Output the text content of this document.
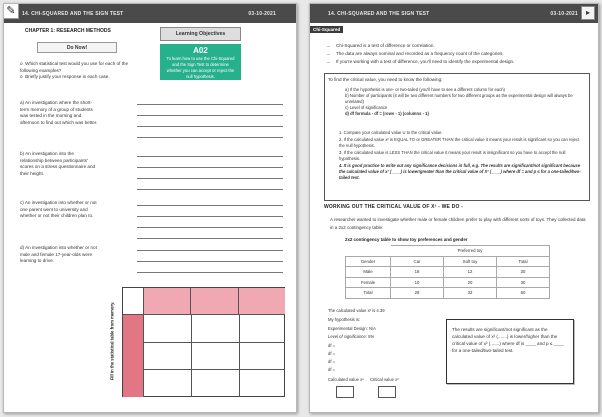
14. CHI-SQUARED AND THE SIGN TEST	03-10-2021
✎
CHAPTER 1: RESEARCH METHODS
Do Now!
Learning Objectives
A02
To learn how to use the Chi-Squared and the Sign Test to determine whether you can accept or reject the null hypothesis.
o Which statistical test would you use for each of the following examples?
o Briefly justify your response in each case.
a) An investigation where the short-term memory of a group of students was tested in the morning and afternoon to find out which was better.
b) An investigation into the relationship between participants' scores on a stress questionnaire and their height.
c) An investigation into whether or not one parent went to university and whether or not their children plan to.
d) An investigation into whether or not male and female 17-year-olds were learning to drive.
Fill in the statistical table from memory.
14. CHI-SQUARED AND THE SIGN TEST	03-10-2021 ▸
Chi-Squared
Chi-Squared is a test of difference or correlation.
The data are always nominal and recorded as a frequency count of the categories.
If you're working with a test of difference, you'll need to identify the experimental design.
→
→
→
To find the critical value, you need to know the following:
a) If the hypothesis is one- or two-tailed (you'll have to see a different column for each)
b) Number of participants (it will be two different numbers for two different groups as the experimental design will always be unrelated)
c) Level of significance
d) df formula - df = (rows - 1) (columns - 1)
1. Compare your calculated value U to the critical value.
2. If the calculated value x² is EQUAL TO or GREATER THAN the critical value it means your result is significant so you can reject the null hypothesis.
3. If the calculated value is LESS THAN the critical value it means your result is insignificant so you have to accept the null hypothesis.
4. It is good practice to write out any significance decisions in full, e.g. The results are significant/not significant because the calculated value of x² (____) is lower/greater than the critical value of X² (____) where df = and p ≤ for a one-tailed/two-tailed test.
WORKING OUT THE CRITICAL VALUE OF X² - WE DO -
A researcher wanted to investigate whether male or female children prefer to play with different sorts of toys. They collected data in a 2x2 contingency table:
2x2 contingency table to show toy preferences and gender
	Preferred toy		
Gender	Car	Soft toy	Total
Male	18	12	30
Female	10	20	30
Total	28	32	60
The calculated value x² is 4.39
My hypothesis is:
Experimental Design: N/A
Level of significance: 5%
df =
df =
df =
df =
Calculated value x² Critical value x²
The results are significant/not significant as the calculated value of x² (.......) is lower/higher than the critical value of x² (.......) where df is ____ and p ≤ ____ for a one-tailed/two-tailed test.
